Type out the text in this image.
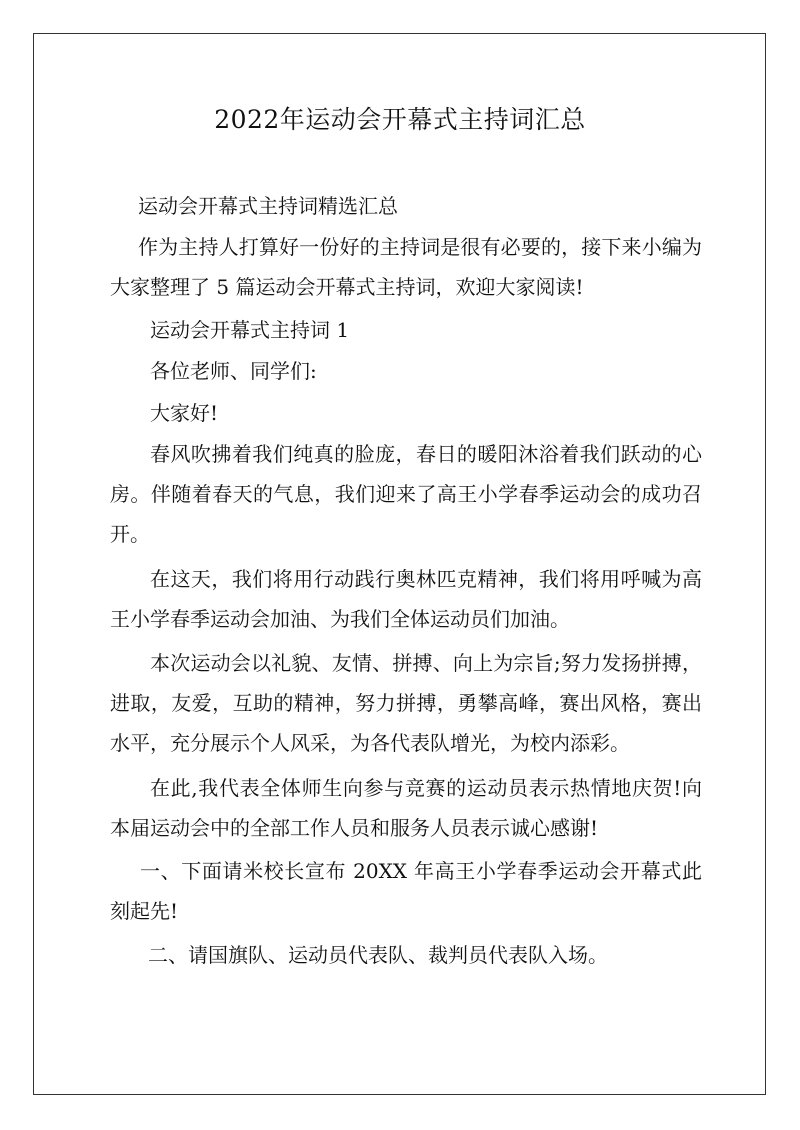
2022年运动会开幕式主持词汇总

运动会开幕式主持词精选汇总

作为主持人打算好一份好的主持词是很有必要的，接下来小编为大家整理了 5 篇运动会开幕式主持词，欢迎大家阅读!

运动会开幕式主持词 1

各位老师、同学们:

大家好!

春风吹拂着我们纯真的脸庞，春日的暖阳沐浴着我们跃动的心房。伴随着春天的气息，我们迎来了高王小学春季运动会的成功召开。

在这天，我们将用行动践行奥林匹克精神，我们将用呼喊为高王小学春季运动会加油、为我们全体运动员们加油。

本次运动会以礼貌、友情、拼搏、向上为宗旨;努力发扬拼搏，进取，友爱，互助的精神，努力拼搏，勇攀高峰，赛出风格，赛出水平，充分展示个人风采，为各代表队增光，为校内添彩。

在此,我代表全体师生向参与竞赛的运动员表示热情地庆贺!向本届运动会中的全部工作人员和服务人员表示诚心感谢!

一、下面请米校长宣布 20XX 年高王小学春季运动会开幕式此刻起先!

二、请国旗队、运动员代表队、裁判员代表队入场。
